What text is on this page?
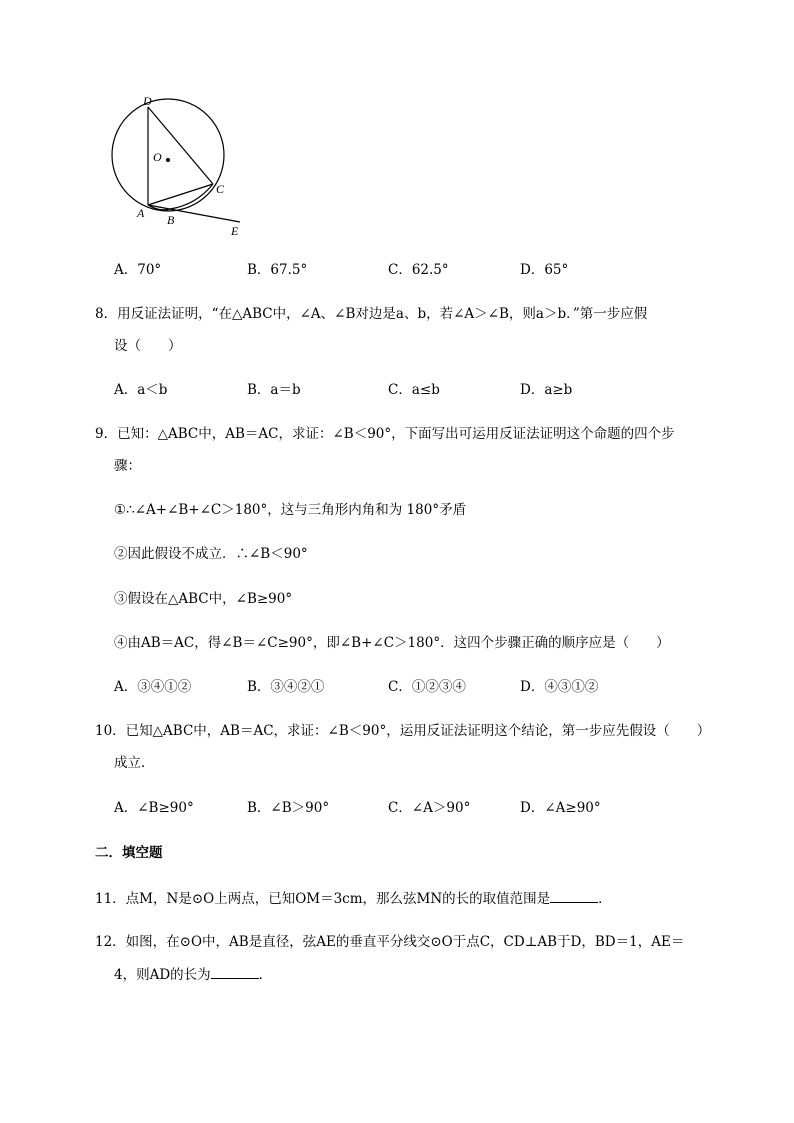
D
O
C
A B
E
A．70°	B．67.5°	C．62.5°	D．65°
8．用反证法证明，“在△ABC中，∠A、∠B对边是a、b，若∠A＞∠B，则a＞b．”第一步应假
设（　　）
A．a＜b	B．a＝b	C．a≤b	D．a≥b
9．已知：△ABC中，AB＝AC，求证：∠B＜90°，下面写出可运用反证法证明这个命题的四个步
骤：
①∴∠A+∠B+∠C＞180°，这与三角形内角和为 180°矛盾
②因此假设不成立．∴∠B＜90°
③假设在△ABC中，∠B≥90°
④由AB＝AC，得∠B＝∠C≥90°，即∠B+∠C＞180°．这四个步骤正确的顺序应是（　　）
A．③④①②	B．③④②①	C．①②③④	D．④③①②
10．已知△ABC中，AB＝AC，求证：∠B＜90°，运用反证法证明这个结论，第一步应先假设（　　）
成立．
A．∠B≥90°	B．∠B＞90°	C．∠A＞90°	D．∠A≥90°
二．填空题
11．点M，N是⊙O上两点，已知OM＝3cm，那么弦MN的长的取值范围是	．
12．如图，在⊙O中，AB是直径，弦AE的垂直平分线交⊙O于点C，CD⊥AB于D，BD＝1，AE＝
4，则AD的长为	．
